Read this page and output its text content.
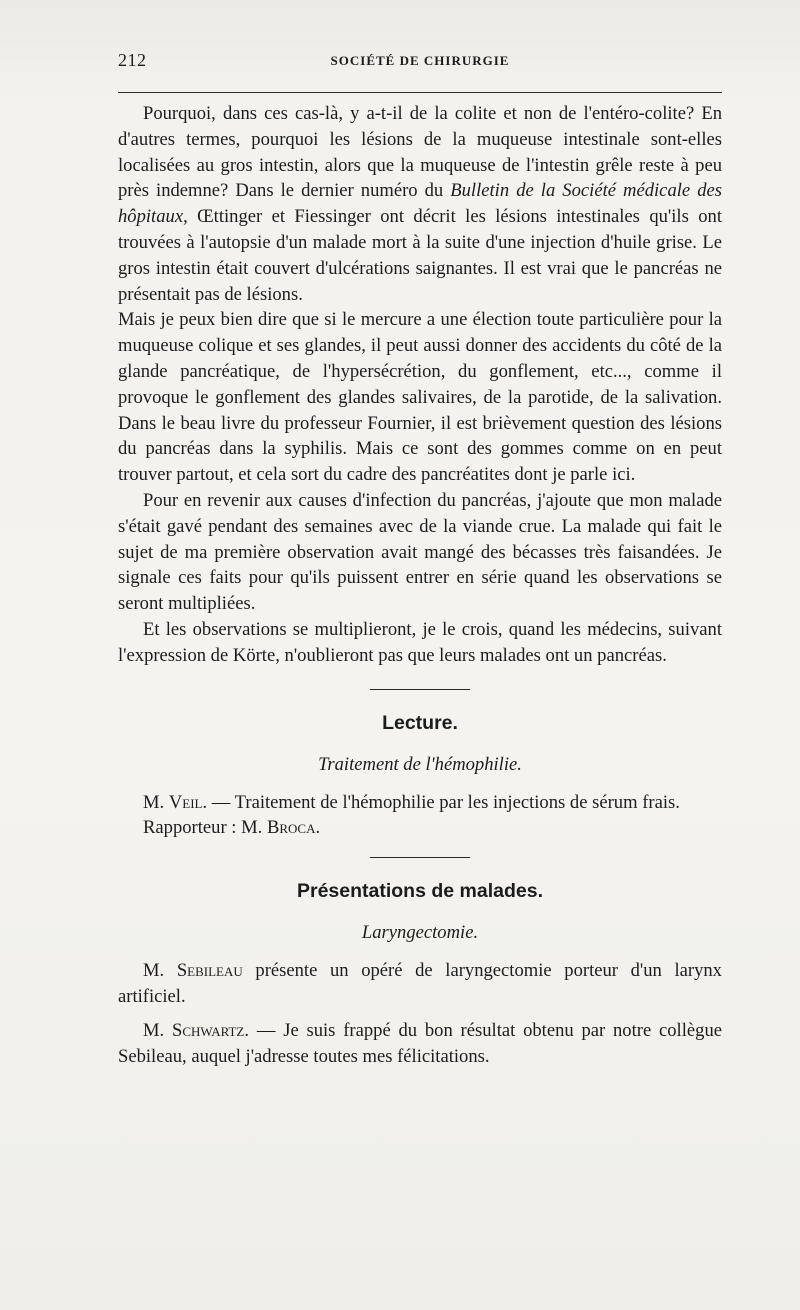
212	SOCIÉTÉ DE CHIRURGIE

Pourquoi, dans ces cas-là, y a-t-il de la colite et non de l'entéro-colite? En d'autres termes, pourquoi les lésions de la muqueuse intestinale sont-elles localisées au gros intestin, alors que la muqueuse de l'intestin grêle reste à peu près indemne? Dans le dernier numéro du Bulletin de la Société médicale des hôpitaux, Œttinger et Fiessinger ont décrit les lésions intestinales qu'ils ont trouvées à l'autopsie d'un malade mort à la suite d'une injection d'huile grise. Le gros intestin était couvert d'ulcérations saignantes. Il est vrai que le pancréas ne présentait pas de lésions.

Mais je peux bien dire que si le mercure a une élection toute particulière pour la muqueuse colique et ses glandes, il peut aussi donner des accidents du côté de la glande pancréatique, de l'hypersécrétion, du gonflement, etc..., comme il provoque le gonflement des glandes salivaires, de la parotide, de la salivation. Dans le beau livre du professeur Fournier, il est brièvement question des lésions du pancréas dans la syphilis. Mais ce sont des gommes comme on en peut trouver partout, et cela sort du cadre des pancréatites dont je parle ici.

Pour en revenir aux causes d'infection du pancréas, j'ajoute que mon malade s'était gavé pendant des semaines avec de la viande crue. La malade qui fait le sujet de ma première observation avait mangé des bécasses très faisandées. Je signale ces faits pour qu'ils puissent entrer en série quand les observations se seront multipliées.

Et les observations se multiplieront, je le crois, quand les médecins, suivant l'expression de Körte, n'oublieront pas que leurs malades ont un pancréas.

Lecture.
Traitement de l'hémophilie.

M. Veil. — Traitement de l'hémophilie par les injections de sérum frais.

Rapporteur : M. Broca.

Présentations de malades.
Laryngectomie.

M. Sebileau présente un opéré de laryngectomie porteur d'un larynx artificiel.

M. Schwartz. — Je suis frappé du bon résultat obtenu par notre collègue Sebileau, auquel j'adresse toutes mes félicitations.
